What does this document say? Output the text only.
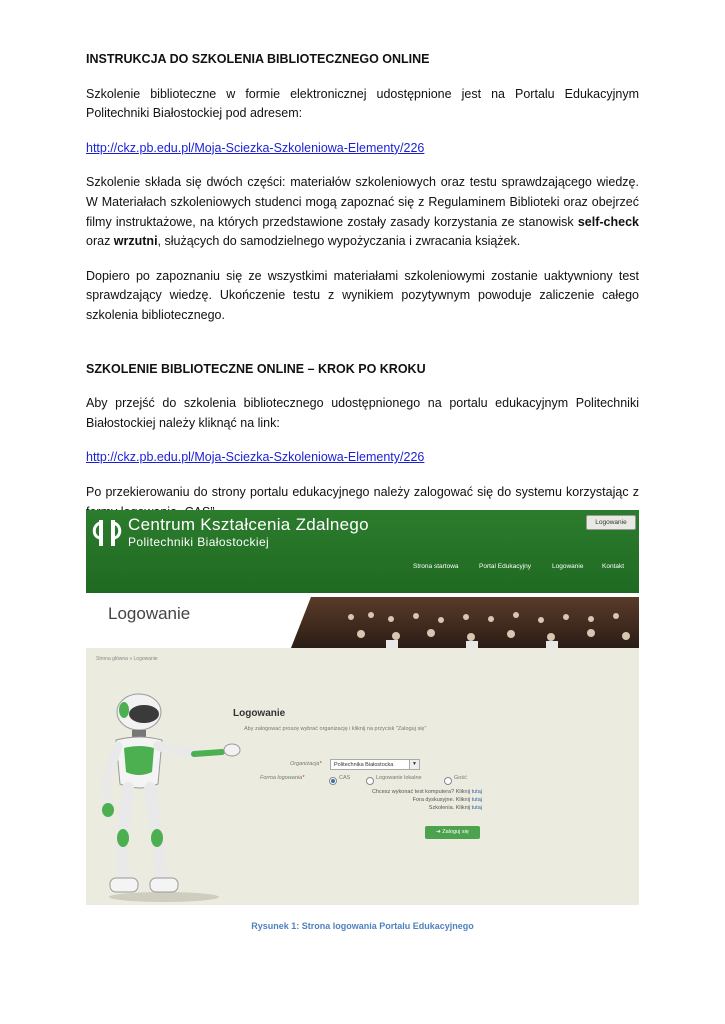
INSTRUKCJA DO SZKOLENIA BIBLIOTECZNEGO ONLINE

Szkolenie biblioteczne w formie elektronicznej udostępnione jest na Portalu Edukacyjnym Politechniki Białostockiej pod adresem:

http://ckz.pb.edu.pl/Moja-Sciezka-Szkoleniowa-Elementy/226

Szkolenie składa się dwóch części: materiałów szkoleniowych oraz testu sprawdzającego wiedzę. W Materiałach szkoleniowych studenci mogą zapoznać się z Regulaminem Biblioteki oraz obejrzeć filmy instruktażowe, na których przedstawione zostały zasady korzystania ze stanowisk self-check oraz wrzutni, służących do samodzielnego wypożyczania i zwracania książek.

Dopiero po zapoznaniu się ze wszystkimi materiałami szkoleniowymi zostanie uaktywniony test sprawdzający wiedzę. Ukończenie testu z wynikiem pozytywnym powoduje zaliczenie całego szkolenia bibliotecznego.

SZKOLENIE BIBLIOTECZNE ONLINE – KROK PO KROKU

Aby przejść do szkolenia bibliotecznego udostępnionego na portalu edukacyjnym Politechniki Białostockiej należy kliknąć na link:

http://ckz.pb.edu.pl/Moja-Sciezka-Szkoleniowa-Elementy/226

Po przekierowaniu do strony portalu edukacyjnego należy zalogować się do systemu korzystając z

Centrum Kształcenia Zdalnego
Politechniki Białostockiej
Logowanie
Strona startowa	Portal Edukacyjny	Logowanie	Kontakt
Logowanie
Strona główna » Logowanie
Logowanie
Aby zalogować proszę wybrać organizację i kliknij na przycisk "Zaloguj się"
Organizacja*	Politechnika Białostocka	▼
Forma logowania*	CAS	Logowanie lokalne	Gość
Chcesz wykonać test komputera? Kliknij tutaj
Fora dyskusyjne. Kliknij tutaj
Szkolenia. Kliknij tutaj
➔ Zaloguj się
Rysunek 1: Strona logowania Portalu Edukacyjnego
